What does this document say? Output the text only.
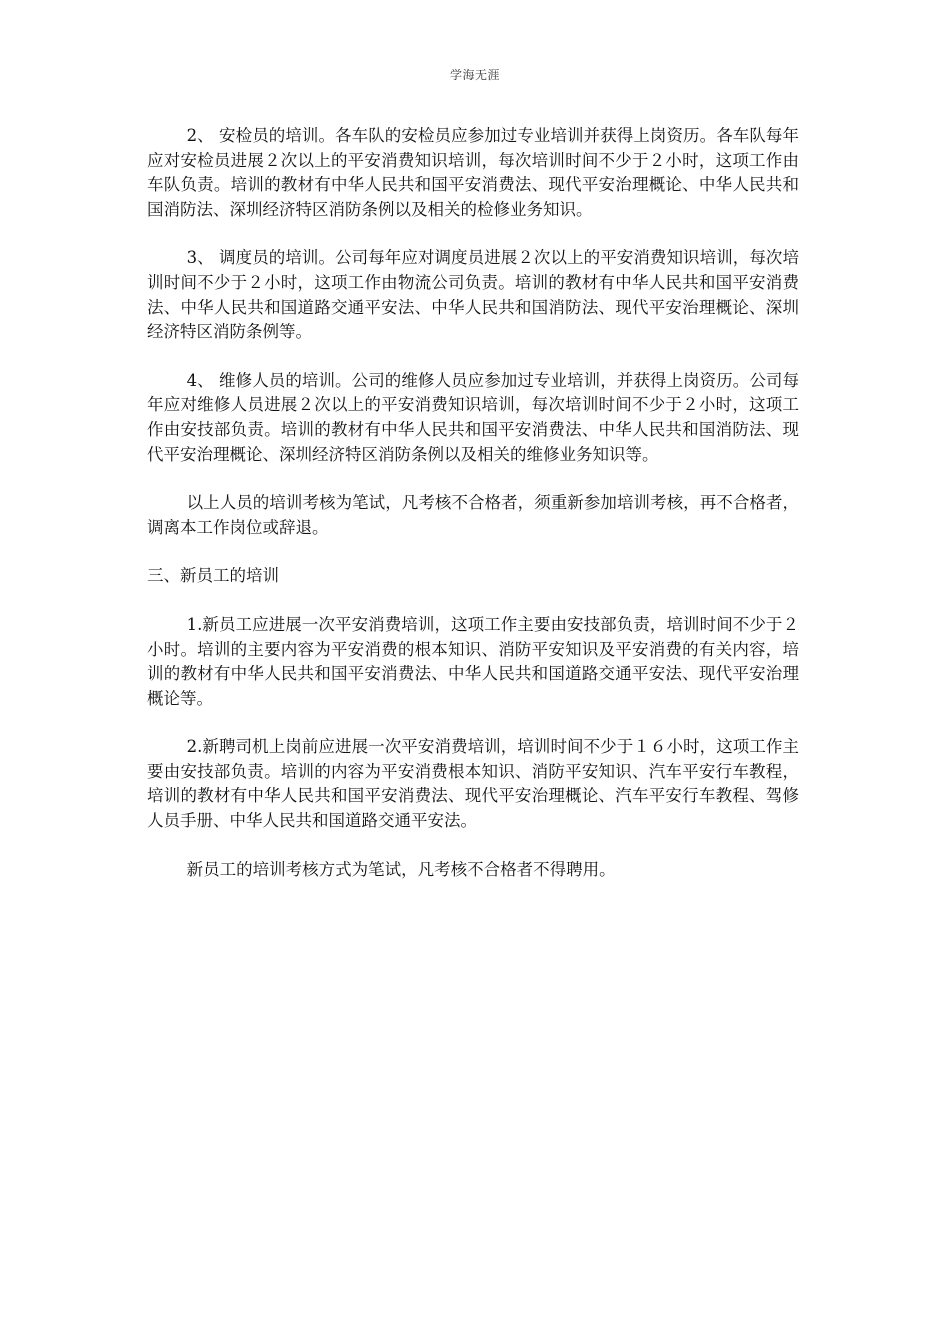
学海无涯

2、 安检员的培训。各车队的安检员应参加过专业培训并获得上岗资历。各车队每年应对安检员进展２次以上的平安消费知识培训，每次培训时间不少于２小时，这项工作由车队负责。培训的教材有中华人民共和国平安消费法、现代平安治理概论、中华人民共和国消防法、深圳经济特区消防条例以及相关的检修业务知识。

3、 调度员的培训。公司每年应对调度员进展２次以上的平安消费知识培训，每次培训时间不少于２小时，这项工作由物流公司负责。培训的教材有中华人民共和国平安消费法、中华人民共和国道路交通平安法、中华人民共和国消防法、现代平安治理概论、深圳经济特区消防条例等。

4、 维修人员的培训。公司的维修人员应参加过专业培训，并获得上岗资历。公司每年应对维修人员进展２次以上的平安消费知识培训，每次培训时间不少于２小时，这项工作由安技部负责。培训的教材有中华人民共和国平安消费法、中华人民共和国消防法、现代平安治理概论、深圳经济特区消防条例以及相关的维修业务知识等。

以上人员的培训考核为笔试，凡考核不合格者，须重新参加培训考核，再不合格者，调离本工作岗位或辞退。

三、新员工的培训

1.新员工应进展一次平安消费培训，这项工作主要由安技部负责，培训时间不少于２小时。培训的主要内容为平安消费的根本知识、消防平安知识及平安消费的有关内容，培训的教材有中华人民共和国平安消费法、中华人民共和国道路交通平安法、现代平安治理概论等。

2.新聘司机上岗前应进展一次平安消费培训，培训时间不少于１６小时，这项工作主要由安技部负责。培训的内容为平安消费根本知识、消防平安知识、汽车平安行车教程，培训的教材有中华人民共和国平安消费法、现代平安治理概论、汽车平安行车教程、驾修人员手册、中华人民共和国道路交通平安法。

新员工的培训考核方式为笔试，凡考核不合格者不得聘用。
